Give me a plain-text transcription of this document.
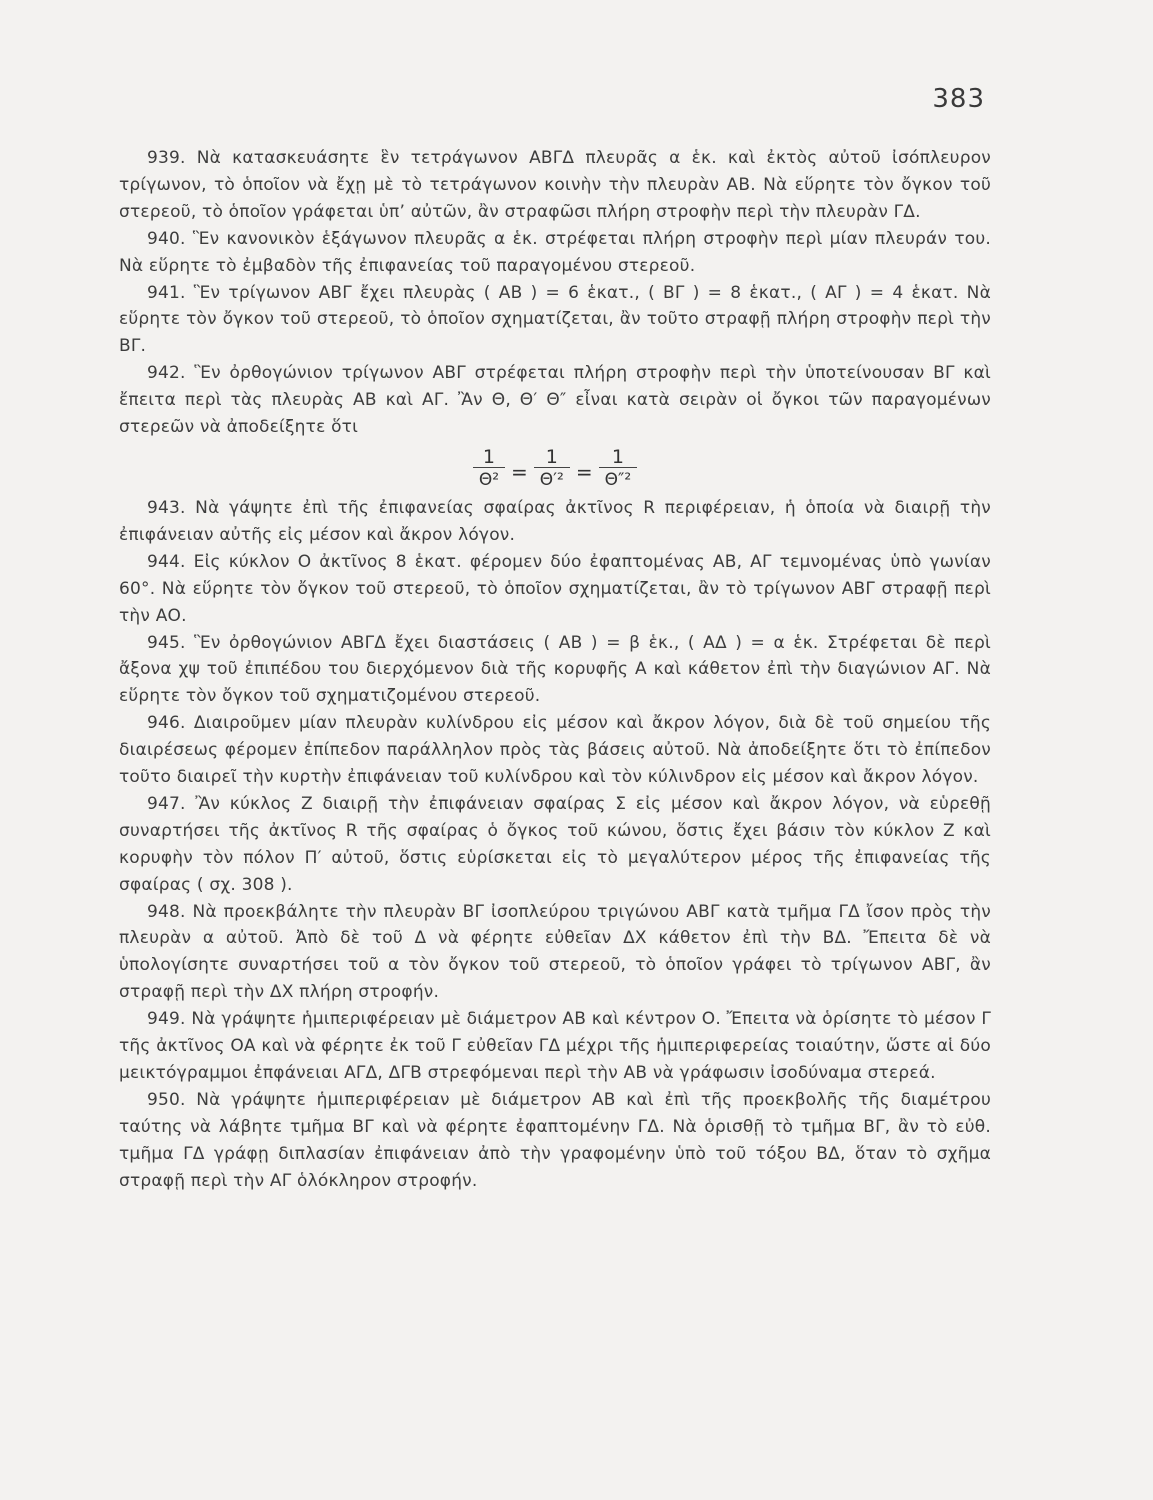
383

939. Νὰ κατασκευάσητε ἓν τετράγωνον ΑΒΓΔ πλευρᾶς α ἑκ. καὶ ἐκτὸς αὐτοῦ ἰσόπλευρον τρίγωνον, τὸ ὁποῖον νὰ ἔχῃ μὲ τὸ τετράγωνον κοινὴν τὴν πλευρὰν ΑΒ. Νὰ εὕρητε τὸν ὄγκον τοῦ στερεοῦ, τὸ ὁποῖον γράφεται ὑπ’ αὐτῶν, ἂν στραφῶσι πλήρη στροφὴν περὶ τὴν πλευρὰν ΓΔ.

940. Ἓν κανονικὸν ἑξάγωνον πλευρᾶς α ἑκ. στρέφεται πλήρη στροφὴν περὶ μίαν πλευράν του. Νὰ εὕρητε τὸ ἐμβαδὸν τῆς ἐπιφανείας τοῦ παραγομένου στερεοῦ.

941. Ἓν τρίγωνον ΑΒΓ ἔχει πλευρὰς ( ΑΒ ) = 6 ἑκατ., ( ΒΓ ) = 8 ἑκατ., ( ΑΓ ) = 4 ἑκατ. Νὰ εὕρητε τὸν ὄγκον τοῦ στερεοῦ, τὸ ὁποῖον σχηματίζεται, ἂν τοῦτο στραφῇ πλήρη στροφὴν περὶ τὴν ΒΓ.

942. Ἓν ὀρθογώνιον τρίγωνον ΑΒΓ στρέφεται πλήρη στροφὴν περὶ τὴν ὑποτείνουσαν ΒΓ καὶ ἔπειτα περὶ τὰς πλευρὰς ΑΒ καὶ ΑΓ. Ἂν Θ, Θ′ Θ″ εἶναι κατὰ σειρὰν οἱ ὄγκοι τῶν παραγομένων στερεῶν νὰ ἀποδείξητε ὅτι

$\frac{1}{\text{Θ²}} = \frac{1}{\text{Θ′²}} = \frac{1}{\text{Θ″²}}$

943. Νὰ γάψητε ἐπὶ τῆς ἐπιφανείας σφαίρας ἀκτῖνος R περιφέρειαν, ἡ ὁποία νὰ διαιρῇ τὴν ἐπιφάνειαν αὐτῆς εἰς μέσον καὶ ἄκρον λόγον.

944. Εἰς κύκλον Ο ἀκτῖνος 8 ἑκατ. φέρομεν δύο ἐφαπτομένας ΑΒ, ΑΓ τεμνομένας ὑπὸ γωνίαν 60°. Νὰ εὕρητε τὸν ὄγκον τοῦ στερεοῦ, τὸ ὁποῖον σχηματίζεται, ἂν τὸ τρίγωνον ΑΒΓ στραφῇ περὶ τὴν ΑΟ.

945. Ἓν ὀρθογώνιον ΑΒΓΔ ἔχει διαστάσεις ( ΑΒ ) = β ἑκ., ( ΑΔ ) = α ἑκ. Στρέφεται δὲ περὶ ἄξονα χψ τοῦ ἐπιπέδου του διερχόμενον διὰ τῆς κορυφῆς Α καὶ κάθετον ἐπὶ τὴν διαγώνιον ΑΓ. Νὰ εὕρητε τὸν ὄγκον τοῦ σχηματιζομένου στερεοῦ.

946. Διαιροῦμεν μίαν πλευρὰν κυλίνδρου εἰς μέσον καὶ ἄκρον λόγον, διὰ δὲ τοῦ σημείου τῆς διαιρέσεως φέρομεν ἐπίπεδον παράλληλον πρὸς τὰς βάσεις αὐτοῦ. Νὰ ἀποδείξητε ὅτι τὸ ἐπίπεδον τοῦτο διαιρεῖ τὴν κυρτὴν ἐπιφάνειαν τοῦ κυλίνδρου καὶ τὸν κύλινδρον εἰς μέσον καὶ ἄκρον λόγον.

947. Ἂν κύκλος Ζ διαιρῇ τὴν ἐπιφάνειαν σφαίρας Σ εἰς μέσον καὶ ἄκρον λόγον, νὰ εὑρεθῇ συναρτήσει τῆς ἀκτῖνος R τῆς σφαίρας ὁ ὄγκος τοῦ κώνου, ὅστις ἔχει βάσιν τὸν κύκλον Ζ καὶ κορυφὴν τὸν πόλον Π′ αὐτοῦ, ὅστις εὑρίσκεται εἰς τὸ μεγαλύτερον μέρος τῆς ἐπιφανείας τῆς σφαίρας ( σχ. 308 ).

948. Νὰ προεκβάλητε τὴν πλευρὰν ΒΓ ἰσοπλεύρου τριγώνου ΑΒΓ κατὰ τμῆμα ΓΔ ἴσον πρὸς τὴν πλευρὰν α αὐτοῦ. Ἀπὸ δὲ τοῦ Δ νὰ φέρητε εὐθεῖαν ΔΧ κάθετον ἐπὶ τὴν ΒΔ. Ἔπειτα δὲ νὰ ὑπολογίσητε συναρτήσει τοῦ α τὸν ὄγκον τοῦ στερεοῦ, τὸ ὁποῖον γράφει τὸ τρίγωνον ΑΒΓ, ἂν στραφῇ περὶ τὴν ΔΧ πλήρη στροφήν.

949. Νὰ γράψητε ἡμιπεριφέρειαν μὲ διάμετρον ΑΒ καὶ κέντρον Ο. Ἔπειτα νὰ ὁρίσητε τὸ μέσον Γ τῆς ἀκτῖνος ΟΑ καὶ νὰ φέρητε ἐκ τοῦ Γ εὐθεῖαν ΓΔ μέχρι τῆς ἡμιπεριφερείας τοιαύτην, ὥστε αἱ δύο μεικτόγραμμοι ἐπφάνειαι ΑΓΔ, ΔΓΒ στρεφόμεναι περὶ τὴν ΑΒ νὰ γράφωσιν ἰσοδύναμα στερεά.

950. Νὰ γράψητε ἡμιπεριφέρειαν μὲ διάμετρον ΑΒ καὶ ἐπὶ τῆς προεκβολῆς τῆς διαμέτρου ταύτης νὰ λάβητε τμῆμα ΒΓ καὶ νὰ φέρητε ἐφαπτομένην ΓΔ. Νὰ ὁρισθῇ τὸ τμῆμα ΒΓ, ἂν τὸ εὐθ. τμῆμα ΓΔ γράφῃ διπλασίαν ἐπιφάνειαν ἀπὸ τὴν γραφομένην ὑπὸ τοῦ τόξου ΒΔ, ὅταν τὸ σχῆμα στραφῇ περὶ τὴν ΑΓ ὁλόκληρον στροφήν.
